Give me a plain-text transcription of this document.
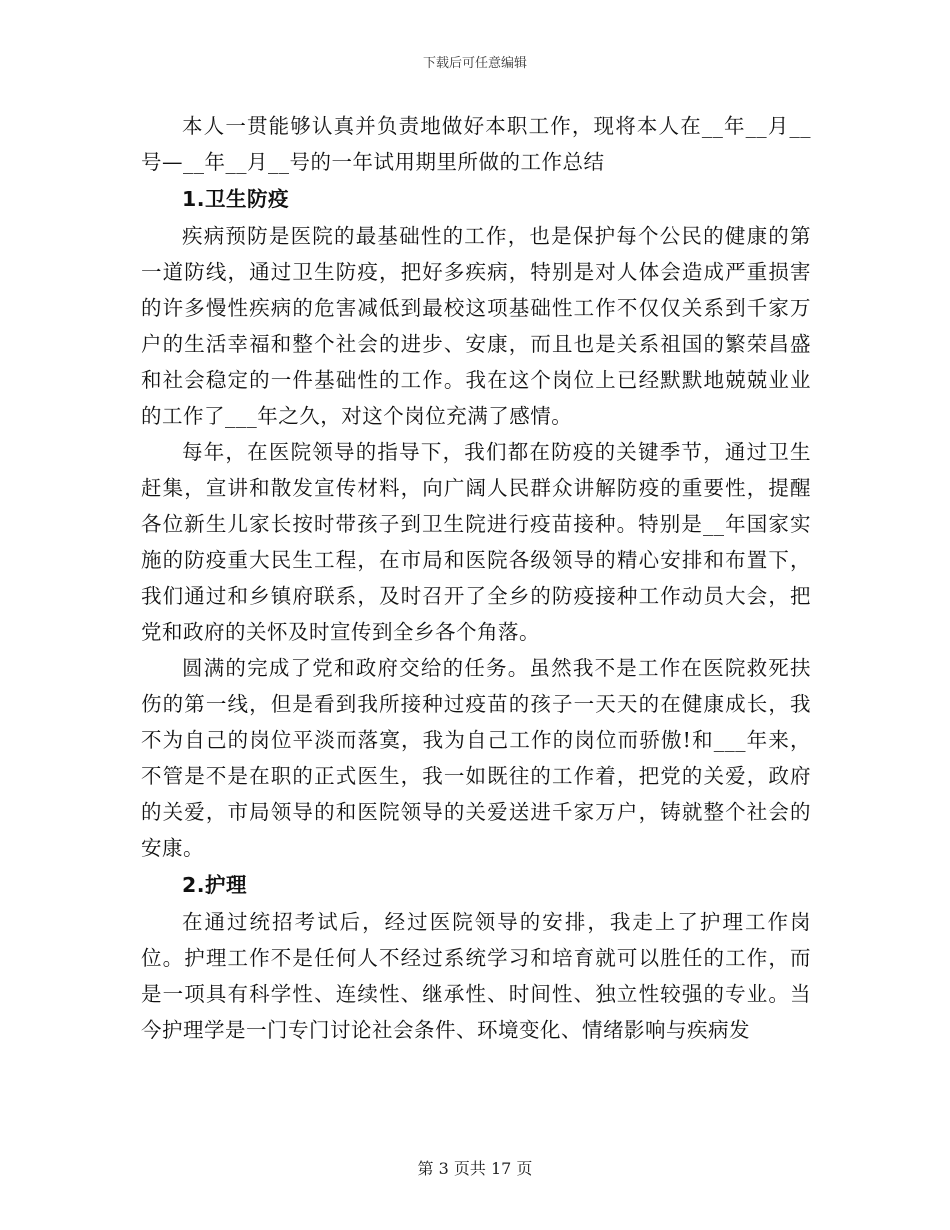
下载后可任意编辑

本人一贯能够认真并负责地做好本职工作，现将本人在__年__月__号—__年__月__号的一年试用期里所做的工作总结

1.卫生防疫

疾病预防是医院的最基础性的工作，也是保护每个公民的健康的第一道防线，通过卫生防疫，把好多疾病，特别是对人体会造成严重损害的许多慢性疾病的危害减低到最校这项基础性工作不仅仅关系到千家万户的生活幸福和整个社会的进步、安康，而且也是关系祖国的繁荣昌盛和社会稳定的一件基础性的工作。我在这个岗位上已经默默地兢兢业业的工作了___年之久，对这个岗位充满了感情。

每年，在医院领导的指导下，我们都在防疫的关键季节，通过卫生赶集，宣讲和散发宣传材料，向广阔人民群众讲解防疫的重要性，提醒各位新生儿家长按时带孩子到卫生院进行疫苗接种。特别是__年国家实施的防疫重大民生工程，在市局和医院各级领导的精心安排和布置下，我们通过和乡镇府联系，及时召开了全乡的防疫接种工作动员大会，把党和政府的关怀及时宣传到全乡各个角落。

圆满的完成了党和政府交给的任务。虽然我不是工作在医院救死扶伤的第一线，但是看到我所接种过疫苗的孩子一天天的在健康成长，我不为自己的岗位平淡而落寞，我为自己工作的岗位而骄傲!和___年来，不管是不是在职的正式医生，我一如既往的工作着，把党的关爱，政府的关爱，市局领导的和医院领导的关爱送进千家万户，铸就整个社会的安康。

2.护理

在通过统招考试后，经过医院领导的安排，我走上了护理工作岗位。护理工作不是任何人不经过系统学习和培育就可以胜任的工作，而是一项具有科学性、连续性、继承性、时间性、独立性较强的专业。当今护理学是一门专门讨论社会条件、环境变化、情绪影响与疾病发

第 3 页共 17 页
